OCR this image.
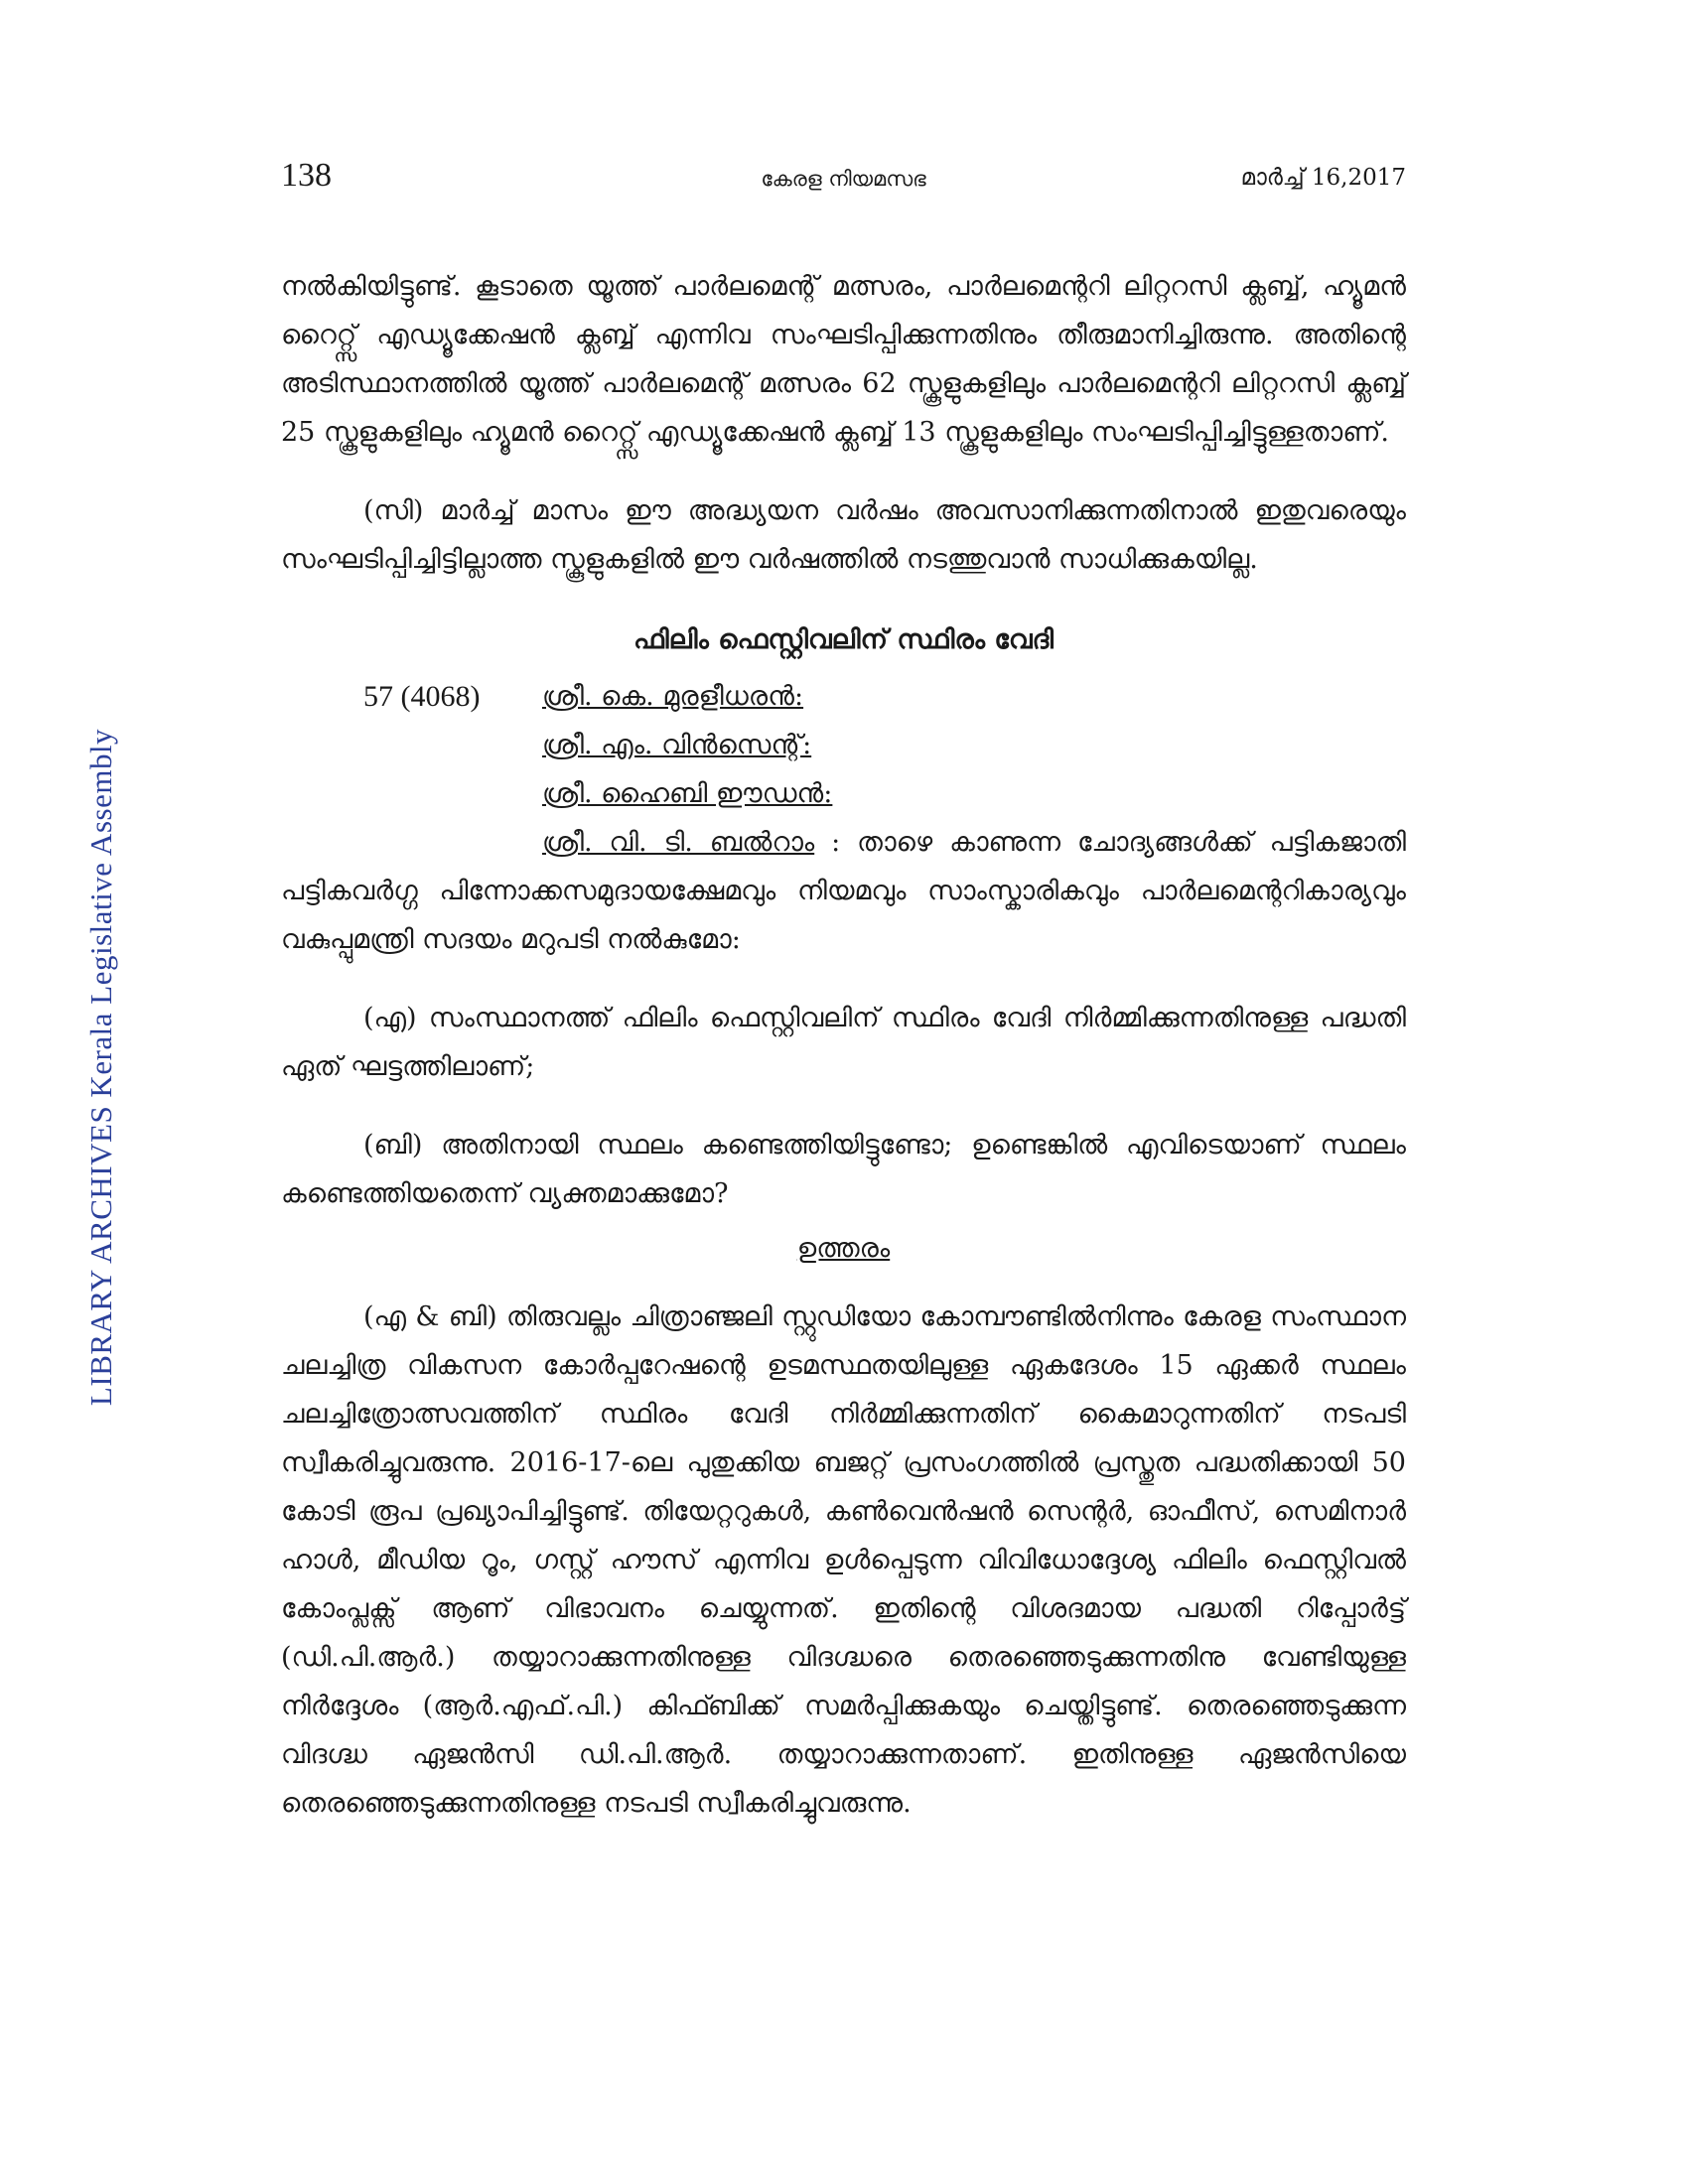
LIBRARY ARCHIVES Kerala Legislative Assembly
138	കേരള നിയമസഭ	മാർച്ച് 16,2017

നൽകിയിട്ടുണ്ട്. കൂടാതെ യൂത്ത് പാർലമെന്റ് മത്സരം, പാർലമെന്ററി ലിറ്ററസി ക്ലബ്ബ്, ഹ്യൂമൻ റൈറ്റ്സ് എഡ്യൂക്കേഷൻ ക്ലബ്ബ് എന്നിവ സംഘടിപ്പിക്കുന്നതിനും തീരുമാനിച്ചിരുന്നു. അതിന്റെ അടിസ്ഥാനത്തിൽ യൂത്ത് പാർലമെന്റ് മത്സരം 62 സ്കൂളുകളിലും പാർലമെന്ററി ലിറ്ററസി ക്ലബ്ബ് 25 സ്കൂളുകളിലും ഹ്യൂമൻ റൈറ്റ്സ് എഡ്യൂക്കേഷൻ ക്ലബ്ബ് 13 സ്കൂളുകളിലും സംഘടിപ്പിച്ചിട്ടുള്ളതാണ്.

(സി) മാർച്ച് മാസം ഈ അദ്ധ്യയന വർഷം അവസാനിക്കുന്നതിനാൽ ഇതുവരെയും സംഘടിപ്പിച്ചിട്ടില്ലാത്ത സ്കൂളുകളിൽ ഈ വർഷത്തിൽ നടത്തുവാൻ സാധിക്കുകയില്ല.

ഫിലിം ഫെസ്റ്റിവലിന് സ്ഥിരം വേദി
57 (4068) ശ്രീ. കെ. മുരളീധരൻ:
ശ്രീ. എം. വിൻസെന്റ്:
ശ്രീ. ഹൈബി ഈഡൻ:

ശ്രീ. വി. ടി. ബൽറാം : താഴെ കാണുന്ന ചോദ്യങ്ങൾക്ക് പട്ടികജാതി പട്ടികവർഗ്ഗ പിന്നോക്കസമുദായക്ഷേമവും നിയമവും സാംസ്കാരികവും പാർലമെന്ററികാര്യവും വകുപ്പുമന്ത്രി സദയം മറുപടി നൽകുമോ:

(എ) സംസ്ഥാനത്ത് ഫിലിം ഫെസ്റ്റിവലിന് സ്ഥിരം വേദി നിർമ്മിക്കുന്നതിനുള്ള പദ്ധതി ഏത് ഘട്ടത്തിലാണ്;

(ബി) അതിനായി സ്ഥലം കണ്ടെത്തിയിട്ടുണ്ടോ; ഉണ്ടെങ്കിൽ എവിടെയാണ് സ്ഥലം കണ്ടെത്തിയതെന്ന് വ്യക്തമാക്കുമോ?

ഉത്തരം

(എ & ബി) തിരുവല്ലം ചിത്രാഞ്ജലി സ്റ്റുഡിയോ കോമ്പൗണ്ടിൽനിന്നും കേരള സംസ്ഥാന ചലച്ചിത്ര വികസന കോർപ്പറേഷന്റെ ഉടമസ്ഥതയിലുള്ള ഏകദേശം 15 ഏക്കർ സ്ഥലം ചലച്ചിത്രോത്സവത്തിന് സ്ഥിരം വേദി നിർമ്മിക്കുന്നതിന് കൈമാറുന്നതിന് നടപടി സ്വീകരിച്ചുവരുന്നു. 2016-17-ലെ പുതുക്കിയ ബജറ്റ് പ്രസംഗത്തിൽ പ്രസ്തുത പദ്ധതിക്കായി 50 കോടി രൂപ പ്രഖ്യാപിച്ചിട്ടുണ്ട്. തിയേറ്ററുകൾ, കൺവെൻഷൻ സെന്റർ, ഓഫീസ്, സെമിനാർ ഹാൾ, മീഡിയ റൂം, ഗസ്റ്റ് ഹൗസ് എന്നിവ ഉൾപ്പെടുന്ന വിവിധോദ്ദേശ്യ ഫിലിം ഫെസ്റ്റിവൽ കോംപ്ലക്സ് ആണ് വിഭാവനം ചെയ്യുന്നത്. ഇതിന്റെ വിശദമായ പദ്ധതി റിപ്പോർട്ട് (ഡി.പി.ആർ.) തയ്യാറാക്കുന്നതിനുള്ള വിദഗ്ദ്ധരെ തെരഞ്ഞെടുക്കുന്നതിനു വേണ്ടിയുള്ള നിർദ്ദേശം (ആർ.എഫ്.പി.) കിഫ്ബിക്ക് സമർപ്പിക്കുകയും ചെയ്തിട്ടുണ്ട്. തെരഞ്ഞെടുക്കുന്ന വിദഗ്ദ്ധ ഏജൻസി ഡി.പി.ആർ. തയ്യാറാക്കുന്നതാണ്. ഇതിനുള്ള ഏജൻസിയെ തെരഞ്ഞെടുക്കുന്നതിനുള്ള നടപടി സ്വീകരിച്ചുവരുന്നു.
